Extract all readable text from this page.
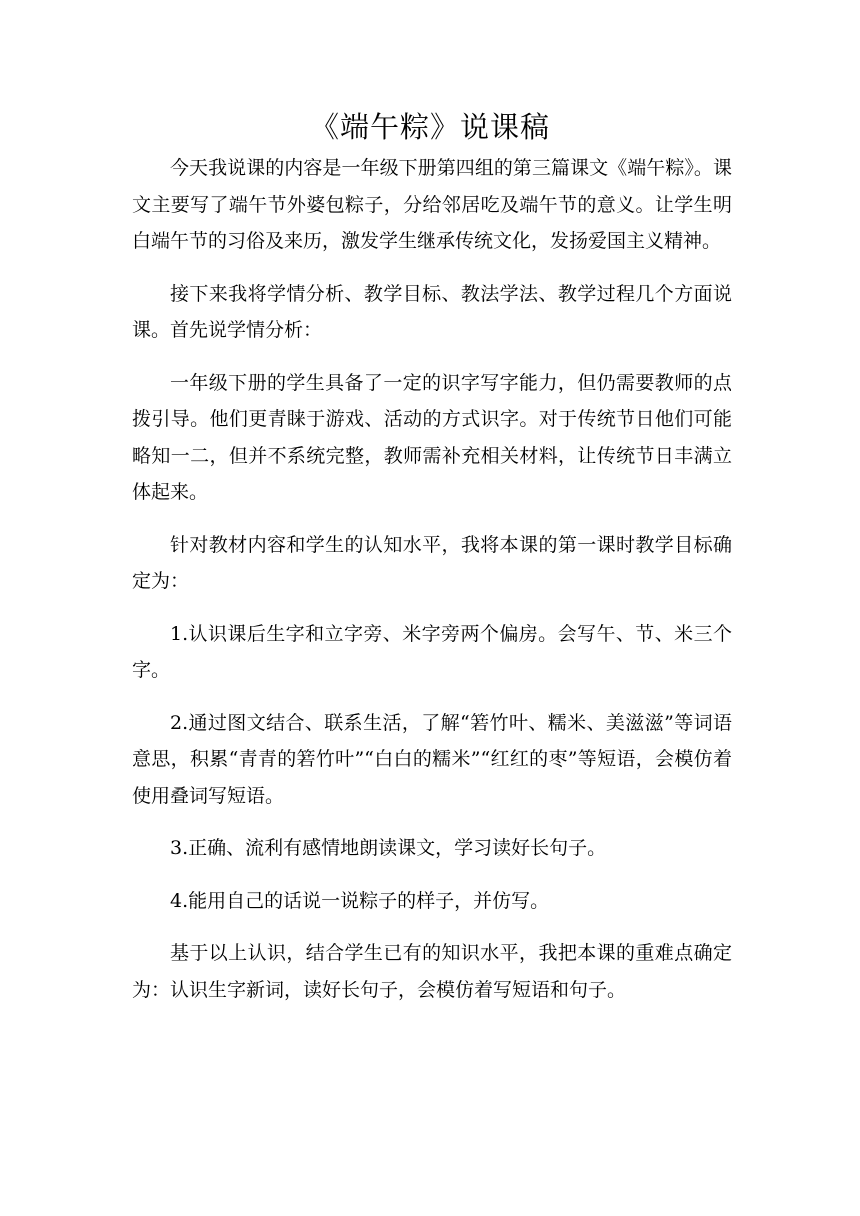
《端午粽》说课稿

今天我说课的内容是一年级下册第四组的第三篇课文《端午粽》。课文主要写了端午节外婆包粽子，分给邻居吃及端午节的意义。让学生明白端午节的习俗及来历，激发学生继承传统文化，发扬爱国主义精神。

接下来我将学情分析、教学目标、教法学法、教学过程几个方面说课。首先说学情分析：

一年级下册的学生具备了一定的识字写字能力，但仍需要教师的点拨引导。他们更青睐于游戏、活动的方式识字。对于传统节日他们可能略知一二，但并不系统完整，教师需补充相关材料，让传统节日丰满立体起来。

针对教材内容和学生的认知水平，我将本课的第一课时教学目标确定为：

1.认识课后生字和立字旁、米字旁两个偏房。会写午、节、米三个字。

2.通过图文结合、联系生活，了解“箬竹叶、糯米、美滋滋”等词语意思，积累“青青的箬竹叶”“白白的糯米”“红红的枣”等短语，会模仿着使用叠词写短语。

3.正确、流利有感情地朗读课文，学习读好长句子。

4.能用自己的话说一说粽子的样子，并仿写。

基于以上认识，结合学生已有的知识水平，我把本课的重难点确定为：认识生字新词，读好长句子，会模仿着写短语和句子。
